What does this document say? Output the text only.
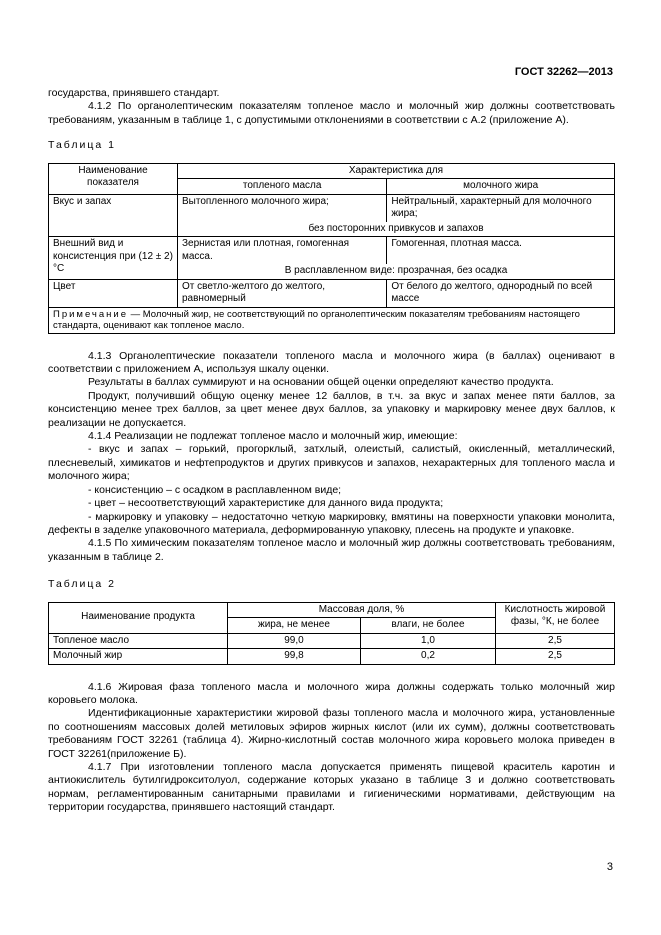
ГОСТ 32262—2013

государства, принявшего стандарт.

4.1.2 По органолептическим показателям топленое масло и молочный жир должны соответствовать требованиям, указанным в таблице 1, с допустимыми отклонениями в соответствии с А.2 (приложение А).

Таблица 1
Наименование показателя	Характеристика для	
	топленого масла	молочного жира
Вкус и запах	Вытопленного молочного жира;	Нейтральный, характерный для молочного жира;
	без посторонних привкусов и запахов	
Внешний вид и консистенция при (12 ± 2) °С	Зернистая или плотная, гомогенная масса.	Гомогенная, плотная масса.
	В расплавленном виде: прозрачная, без осадка	
Цвет	От светло-желтого до желтого, равномерный	От белого до желтого, однородный по всей массе
Примечание — Молочный жир, не соответствующий по органолептическим показателям требованиям настоящего стандарта, оценивают как топленое масло.		

4.1.3 Органолептические показатели топленого масла и молочного жира (в баллах) оценивают в соответствии с приложением А, используя шкалу оценки.

Результаты в баллах суммируют и на основании общей оценки определяют качество продукта.

Продукт, получивший общую оценку менее 12 баллов, в т.ч. за вкус и запах менее пяти баллов, за консистенцию менее трех баллов, за цвет менее двух баллов, за упаковку и маркировку менее двух баллов, к реализации не допускается.

4.1.4 Реализации не подлежат топленое масло и молочный жир, имеющие:

- вкус и запах – горький, прогорклый, затхлый, олеистый, салистый, окисленный, металлический, плесневелый, химикатов и нефтепродуктов и других привкусов и запахов, нехарактерных для топленого масла и молочного жира;

- консистенцию – с осадком в расплавленном виде;

- цвет – несоответствующий характеристике для данного вида продукта;

- маркировку и упаковку – недостаточно четкую маркировку, вмятины на поверхности упаковки монолита, дефекты в заделке упаковочного материала, деформированную упаковку, плесень на продукте и упаковке.

4.1.5 По химическим показателям топленое масло и молочный жир должны соответствовать требованиям, указанным в таблице 2.

Таблица 2
Наименование продукта	Массовая доля, %		Кислотность жировой фазы, °К, не более
	жира, не менее	влаги, не более	
Топленое масло	99,0	1,0	2,5
Молочный жир	99,8	0,2	2,5

4.1.6 Жировая фаза топленого масла и молочного жира должны содержать только молочный жир коровьего молока.

Идентификационные характеристики жировой фазы топленого масла и молочного жира, установленные по соотношениям массовых долей метиловых эфиров жирных кислот (или их сумм), должны соответствовать требованиям ГОСТ 32261 (таблица 4). Жирно-кислотный состав молочного жира коровьего молока приведен в ГОСТ 32261(приложение Б).

4.1.7 При изготовлении топленого масла допускается применять пищевой краситель каротин и антиокислитель бутилгидрокситолуол, содержание которых указано в таблице 3 и должно соответствовать нормам, регламентированным санитарными правилами и гигиеническими нормативами, действующим на территории государства, принявшего настоящий стандарт.

3
